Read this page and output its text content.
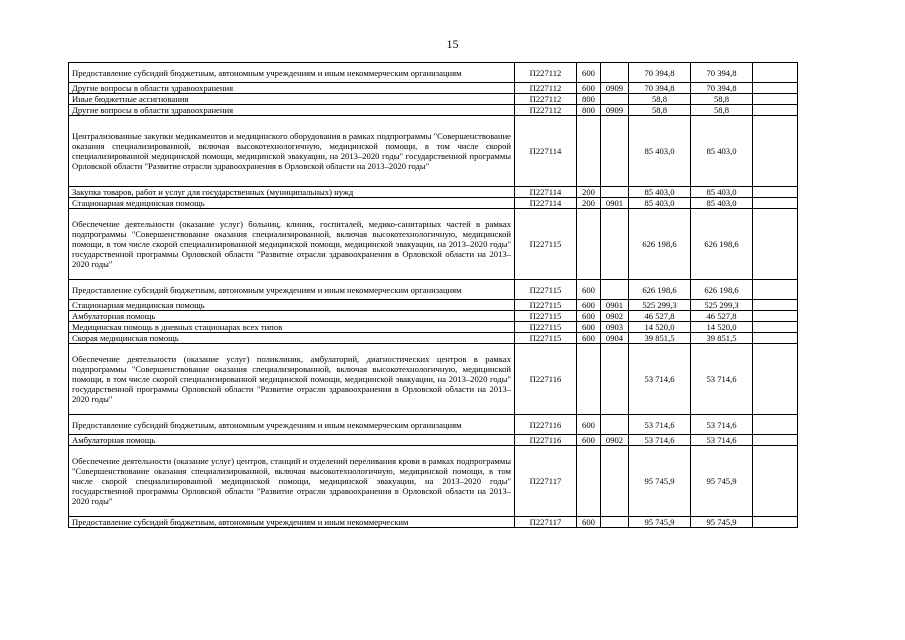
15
Предоставление субсидий бюджетным, автономным учреждениям и иным некоммерческим организациям	П227112	600		70 394,8	70 394,8	
Другие вопросы в области здравоохранения	П227112	600	0909	70 394,8	70 394,8	
Иные бюджетные ассигнования	П227112	800		58,8	58,8	
Другие вопросы в области здравоохранения	П227112	800	0909	58,8	58,8	
Централизованные закупки медикаментов и медицинского оборудования в рамках подпрограммы "Совершенствование оказания специализированной, включая высокотехнологичную, медицинской помощи, в том числе скорой специализированной медицинской помощи, медицинской эвакуации, на 2013–2020 годы" государственной программы Орловской области "Развитие отрасли здравоохранения в Орловской области на 2013–2020 годы"	П227114			85 403,0	85 403,0	
Закупка товаров, работ и услуг для государственных (муниципальных) нужд	П227114	200		85 403,0	85 403,0	
Стационарная медицинская помощь	П227114	200	0901	85 403,0	85 403,0	
Обеспечение деятельности (оказание услуг) больниц, клиник, госпиталей, медико-санитарных частей в рамках подпрограммы "Совершенствование оказания специализированной, включая высокотехнологичную, медицинской помощи, в том числе скорой специализированной медицинской помощи, медицинской эвакуации, на 2013–2020 годы" государственной программы Орловской области "Развитие отрасли здравоохранения в Орловской области на 2013–2020 годы"	П227115			626 198,6	626 198,6	
Предоставление субсидий бюджетным, автономным учреждениям и иным некоммерческим организациям	П227115	600		626 198,6	626 198,6	
Стационарная медицинская помощь	П227115	600	0901	525 299,3	525 299,3	
Амбулаторная помощь	П227115	600	0902	46 527,8	46 527,8	
Медицинская помощь в дневных стационарах всех типов	П227115	600	0903	14 520,0	14 520,0	
Скорая медицинская помощь	П227115	600	0904	39 851,5	39 851,5	
Обеспечение деятельности (оказание услуг) поликлиник, амбулаторий, диагностических центров в рамках подпрограммы "Совершенствование оказания специализированной, включая высокотехнологичную, медицинской помощи, в том числе скорой специализированной медицинской помощи, медицинской эвакуации, на 2013–2020 годы" государственной программы Орловской области "Развитие отрасли здравоохранения в Орловской области на 2013–2020 годы"	П227116			53 714,6	53 714,6	
Предоставление субсидий бюджетным, автономным учреждениям и иным некоммерческим организациям	П227116	600		53 714,6	53 714,6	
Амбулаторная помощь	П227116	600	0902	53 714,6	53 714,6	
Обеспечение деятельности (оказание услуг) центров, станций и отделений переливания крови в рамках подпрограммы "Совершенствование оказания специализированной, включая высокотехнологичную, медицинской помощи, в том числе скорой специализированной медицинской помощи, медицинской эвакуации, на 2013–2020 годы" государственной программы Орловской области "Развитие отрасли здравоохранения в Орловской области на 2013–2020 годы"	П227117			95 745,9	95 745,9	
Предоставление субсидий бюджетным, автономным учреждениям и иным некоммерческим	П227117	600		95 745,9	95 745,9	
